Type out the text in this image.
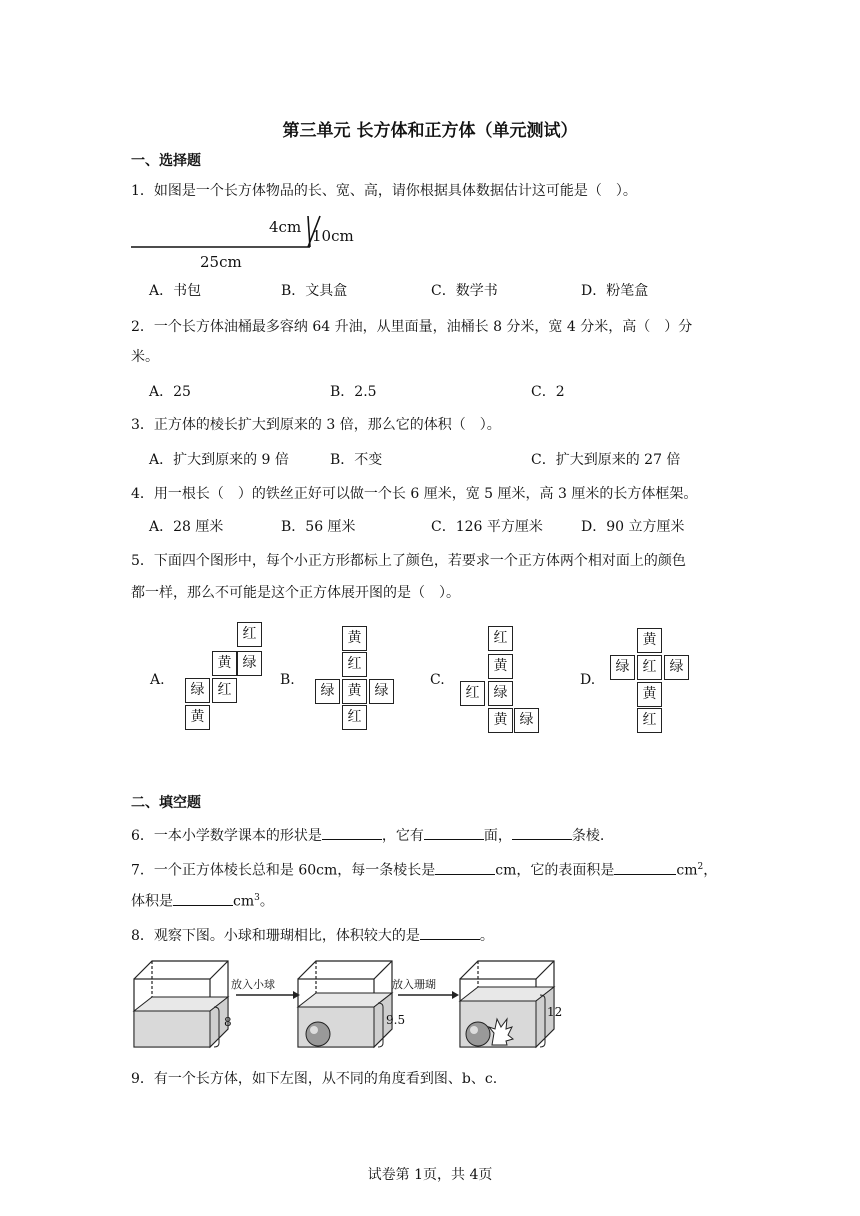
第三单元 长方体和正方体（单元测试）
一、选择题
1．如图是一个长方体物品的长、宽、高，请你根据具体数据估计这可能是（　）。
4cm 10cm
25cm
A．书包	B．文具盒	C．数学书	D．粉笔盒
2．一个长方体油桶最多容纳 64 升油，从里面量，油桶长 8 分米，宽 4 分米，高（　）分
米。
A．25	B．2.5	C．2
3．正方体的棱长扩大到原来的 3 倍，那么它的体积（　）。
A．扩大到原来的 9 倍	B．不变	C．扩大到原来的 27 倍
4．用一根长（　）的铁丝正好可以做一个长 6 厘米，宽 5 厘米，高 3 厘米的长方体框架。
A．28 厘米	B．56 厘米	C．126 平方厘米	D．90 立方厘米
5．下面四个图形中，每个小正方形都标上了颜色，若要求一个正方体两个相对面上的颜色
都一样，那么不可能是这个正方体展开图的是（　）。
A.
红
黄 绿
绿 红
黄
B.
黄
红
绿 黄 绿
红
C.
红
黄
红	绿
黄 绿
D.
黄
绿 红 绿
黄
红
二、填空题
6．一本小学数学课本的形状是	，它有	面，	条棱.
7．一个正方体棱长总和是 60cm，每一条棱长是	cm，它的表面积是	$cm^2$，
体积是	$cm^3$。
8．观察下图。小球和珊瑚相比，体积较大的是	。
放入小球	放入珊瑚
8	9.5
12
9．有一个长方体，如下左图，从不同的角度看到图、b、c.
试卷第 1页，共 4页
